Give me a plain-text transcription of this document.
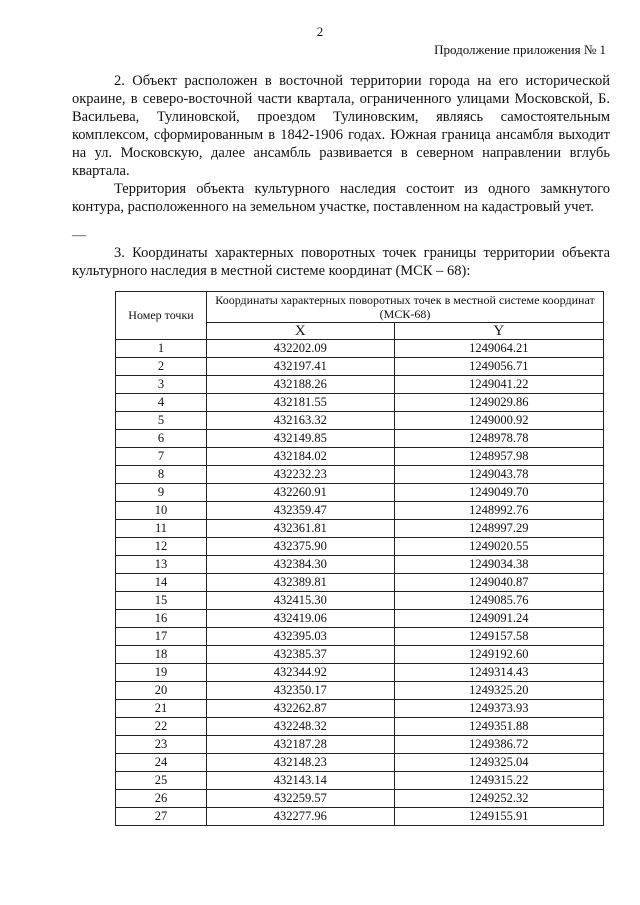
2
Продолжение приложения № 1
2. Объект расположен в восточной территории города на его исторической окраине, в северо-восточной части квартала, ограниченного улицами Московской, Б. Васильева, Тулиновской, проездом Тулиновским, являясь самостоятельным комплексом, сформированным в 1842-1906 годах. Южная граница ансамбля выходит на ул. Московскую, далее ансамбль развивается в северном направлении вглубь квартала.
Территория объекта культурного наследия состоит из одного замкнутого контура, расположенного на земельном участке, поставленном на кадастровый учет.
—
3. Координаты характерных поворотных точек границы территории объекта культурного наследия в местной системе координат (МСК – 68):
Номер точки	Координаты характерных поворотных точек в местной системе координат (МСК-68)	
	X	Y
1	432202.09	1249064.21
2	432197.41	1249056.71
3	432188.26	1249041.22
4	432181.55	1249029.86
5	432163.32	1249000.92
6	432149.85	1248978.78
7	432184.02	1248957.98
8	432232.23	1249043.78
9	432260.91	1249049.70
10	432359.47	1248992.76
11	432361.81	1248997.29
12	432375.90	1249020.55
13	432384.30	1249034.38
14	432389.81	1249040.87
15	432415.30	1249085.76
16	432419.06	1249091.24
17	432395.03	1249157.58
18	432385.37	1249192.60
19	432344.92	1249314.43
20	432350.17	1249325.20
21	432262.87	1249373.93
22	432248.32	1249351.88
23	432187.28	1249386.72
24	432148.23	1249325.04
25	432143.14	1249315.22
26	432259.57	1249252.32
27	432277.96	1249155.91
